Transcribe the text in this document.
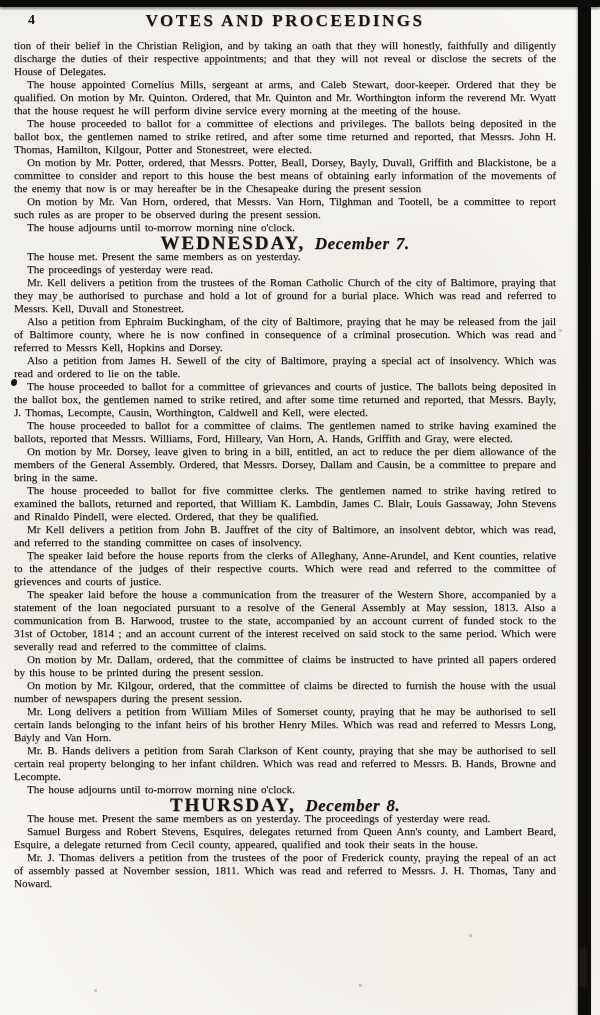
4	VOTES AND PROCEEDINGS

tion of their belief in the Christian Religion, and by taking an oath that they will honestly, faithfully and diligently discharge the duties of their respective appointments; and that they will not reveal or disclose the secrets of the House of Delegates.

The house appointed Cornelius Mills, sergeant at arms, and Caleb Stewart, door-keeper. Ordered that they be qualified. On motion by Mr. Quinton. Ordered, that Mr. Quinton and Mr. Worthington inform the reverend Mr. Wyatt that the house request he will perform divine service every morning at the meeting of the house.

The house proceeded to ballot for a committee of elections and privileges. The ballots being deposited in the ballot box, the gentlemen named to strike retired, and after some time returned and reported, that Messrs. John H. Thomas, Hamilton, Kilgour, Potter and Stonestreet, were elected.

On motion by Mr. Potter, ordered, that Messrs. Potter, Beall, Dorsey, Bayly, Duvall, Griffith and Blackistone, be a committee to consider and report to this house the best means of obtaining early information of the movements of the enemy that now is or may hereafter be in the Chesapeake during the present session

On motion by Mr. Van Horn, ordered, that Messrs. Van Horn, Tilghman and Tootell, be a committee to report such rules as are proper to be observed during the present session.

The house adjourns until to-morrow morning nine o'clock.

WEDNESDAY, December 7.

The house met. Present the same members as on yesterday.

The proceedings of yesterday were read.

Mr. Kell delivers a petition from the trustees of the Roman Catholic Church of the city of Baltimore, praying that they may be authorised to purchase and hold a lot of ground for a burial place. Which was read and referred to Messrs. Kell, Duvall and Stonestreet.

Also a petition from Ephraim Buckingham, of the city of Baltimore, praying that he may be released from the jail of Baltimore county, where he is now confined in consequence of a criminal prosecution. Which was read and referred to Messrs Kell, Hopkins and Dorsey.

Also a petition from James H. Sewell of the city of Baltimore, praying a special act of insolvency. Which was read and ordered to lie on the table.

The house proceeded to ballot for a committee of grievances and courts of justice. The ballots being deposited in the ballot box, the gentlemen named to strike retired, and after some time returned and reported, that Messrs. Bayly, J. Thomas, Lecompte, Causin, Worthington, Caldwell and Kell, were elected.

The house proceeded to ballot for a committee of claims. The gentlemen named to strike having examined the ballots, reported that Messrs. Williams, Ford, Hilleary, Van Horn, A. Hands, Griffith and Gray, were elected.

On motion by Mr. Dorsey, leave given to bring in a bill, entitled, an act to reduce the per diem allowance of the members of the General Assembly. Ordered, that Messrs. Dorsey, Dallam and Causin, be a committee to prepare and bring in the same.

The house proceeded to ballot for five committee clerks. The gentlemen named to strike having retired to examined the ballots, returned and reported, that William K. Lambdin, James C. Blair, Louis Gassaway, John Stevens and Rinaldo Pindell, were elected. Ordered, that they be qualified.

Mr Kell delivers a petition from John B. Jauffret of the city of Baltimore, an insolvent debtor, which was read, and referred to the standing committee on cases of insolvency.

The speaker laid before the house reports from the clerks of Alleghany, Anne-Arundel, and Kent counties, relative to the attendance of the judges of their respective courts. Which were read and referred to the committee of grievences and courts of justice.

The speaker laid before the house a communication from the treasurer of the Western Shore, accompanied by a statement of the loan negociated pursuant to a resolve of the General Assembly at May session, 1813. Also a communication from B. Harwood, trustee to the state, accompanied by an account current of funded stock to the 31st of October, 1814 ; and an account current of the interest received on said stock to the same period. Which were severally read and referred to the committee of claims.

On motion by Mr. Dallam, ordered, that the committee of claims be instructed to have printed all papers ordered by this house to be printed during the present session.

On motion by Mr. Kilgour, ordered, that the committee of claims be directed to furnish the house with the usual number of newspapers during the present session.

Mr. Long delivers a petition from William Miles of Somerset county, praying that he may be authorised to sell certain lands belonging to the infant heirs of his brother Henry Miles. Which was read and referred to Messrs Long, Bayly and Van Horn.

Mr. B. Hands delivers a petition from Sarah Clarkson of Kent county, praying that she may be authorised to sell certain real property belonging to her infant children. Which was read and referred to Messrs. B. Hands, Browne and Lecompte.

The house adjourns until to-morrow morning nine o'clock.

THURSDAY, December 8.

The house met. Present the same members as on yesterday. The proceedings of yesterday were read.

Samuel Burgess and Robert Stevens, Esquires, delegates returned from Queen Ann's county, and Lambert Beard, Esquire, a delegate returned from Cecil county, appeared, qualified and took their seats in the house.

Mr. J. Thomas delivers a petition from the trustees of the poor of Frederick county, praying the repeal of an act of assembly passed at November session, 1811. Which was read and referred to Messrs. J. H. Thomas, Tany and Noward.
